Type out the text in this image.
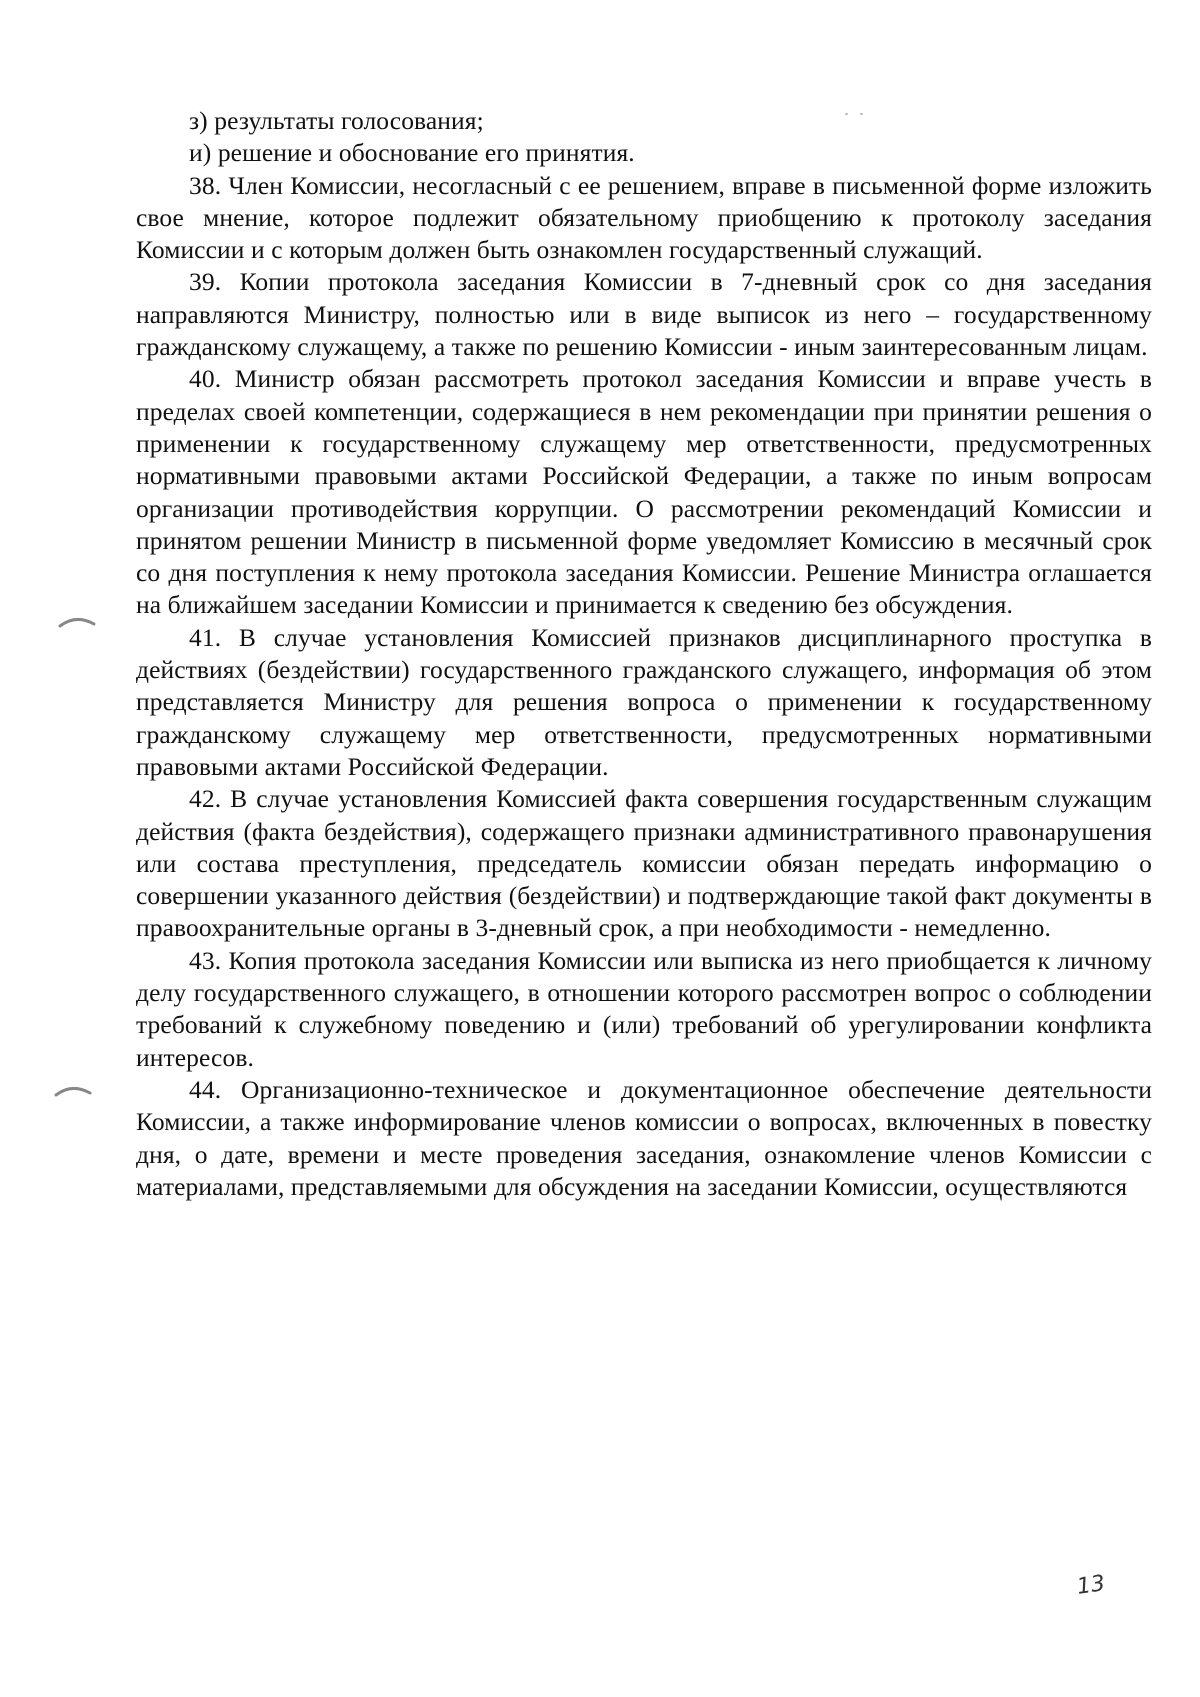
з) результаты голосования;

и) решение и обоснование его принятия.

38. Член Комиссии, несогласный с ее решением, вправе в письменной форме изложить свое мнение, которое подлежит обязательному приобщению к протоколу заседания Комиссии и с которым должен быть ознакомлен государственный служащий.

39. Копии протокола заседания Комиссии в 7-дневный срок со дня заседания направляются Министру, полностью или в виде выписок из него – государственному гражданскому служащему, а также по решению Комиссии - иным заинтересованным лицам.

40. Министр обязан рассмотреть протокол заседания Комиссии и вправе учесть в пределах своей компетенции, содержащиеся в нем рекомендации при принятии решения о применении к государственному служащему мер ответственности, предусмотренных нормативными правовыми актами Российской Федерации, а также по иным вопросам организации противодействия коррупции. О рассмотрении рекомендаций Комиссии и принятом решении Министр в письменной форме уведомляет Комиссию в месячный срок со дня поступления к нему протокола заседания Комиссии. Решение Министра оглашается на ближайшем заседании Комиссии и принимается к сведению без обсуждения.

41. В случае установления Комиссией признаков дисциплинарного проступка в действиях (бездействии) государственного гражданского служащего, информация об этом представляется Министру для решения вопроса о применении к государственному гражданскому служащему мер ответственности, предусмотренных нормативными правовыми актами Российской Федерации.

42. В случае установления Комиссией факта совершения государственным служащим действия (факта бездействия), содержащего признаки административного правонарушения или состава преступления, председатель комиссии обязан передать информацию о совершении указанного действия (бездействии) и подтверждающие такой факт документы в правоохранительные органы в 3-дневный срок, а при необходимости - немедленно.

43. Копия протокола заседания Комиссии или выписка из него приобщается к личному делу государственного служащего, в отношении которого рассмотрен вопрос о соблюдении требований к служебному поведению и (или) требований об урегулировании конфликта интересов.

44. Организационно-техническое и документационное обеспечение деятельности Комиссии, а также информирование членов комиссии о вопросах, включенных в повестку дня, о дате, времени и месте проведения заседания, ознакомление членов Комиссии с материалами, представляемыми для обсуждения на заседании Комиссии, осуществляются

13
